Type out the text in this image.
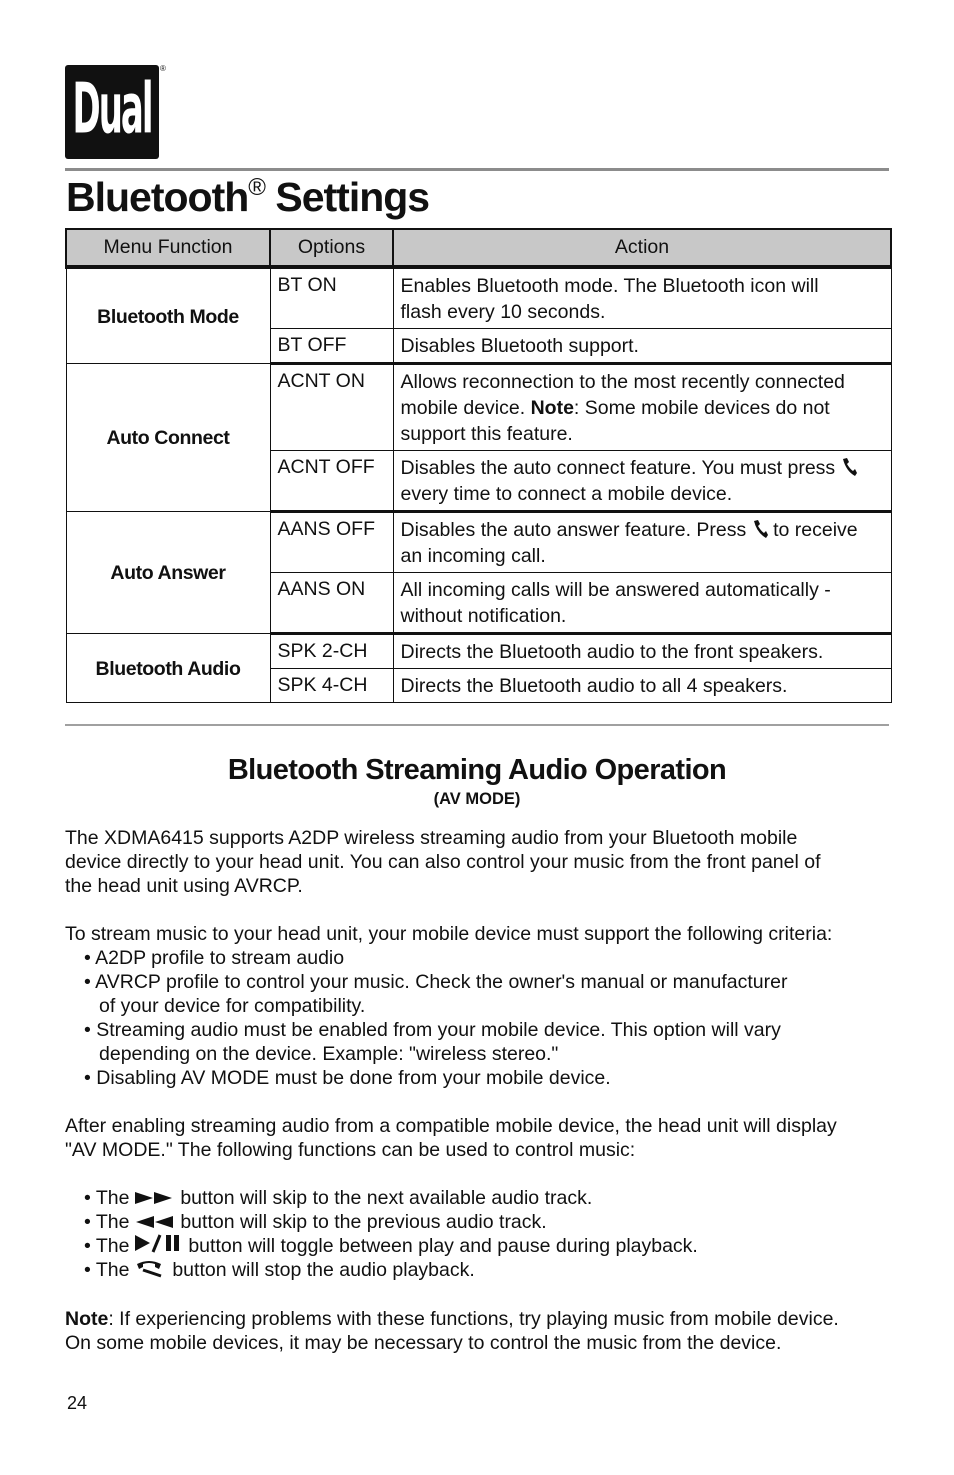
Dual
®
Bluetooth® Settings
Menu Function	Options	Action
Bluetooth Mode	BT ON	Enables Bluetooth mode. The Bluetooth icon will
flash every 10 seconds.
	BT OFF	Disables Bluetooth support.
Auto Connect	ACNT ON	Allows reconnection to the most recently connected
mobile device. Note: Some mobile devices do not
support this feature.
	ACNT OFF	Disables the auto connect feature. You must press
every time to connect a mobile device.
Auto Answer	AANS OFF	Disables the auto answer feature. Press to receive
an incoming call.
	AANS ON	All incoming calls will be answered automatically -
without notification.
Bluetooth Audio	SPK 2-CH	Directs the Bluetooth audio to the front speakers.
	SPK 4-CH	Directs the Bluetooth audio to all 4 speakers.
Bluetooth Streaming Audio Operation
(AV MODE)
The XDMA6415 supports A2DP wireless streaming audio from your Bluetooth mobile
device directly to your head unit. You can also control your music from the front panel of
the head unit using AVRCP.
To stream music to your head unit, your mobile device must support the following criteria:
• A2DP profile to stream audio
• AVRCP profile to control your music. Check the owner's manual or manufacturer
of your device for compatibility.
• Streaming audio must be enabled from your mobile device. This option will vary
depending on the device. Example: "wireless stereo."
• Disabling AV MODE must be done from your mobile device.
After enabling streaming audio from a compatible mobile device, the head unit will display
"AV MODE." The following functions can be used to control music:
• The  button will skip to the next available audio track.
• The  button will skip to the previous audio track.
• The  button will toggle between play and pause during playback.
• The  button will stop the audio playback.
Note: If experiencing problems with these functions, try playing music from mobile device.
On some mobile devices, it may be necessary to control the music from the device.
24
